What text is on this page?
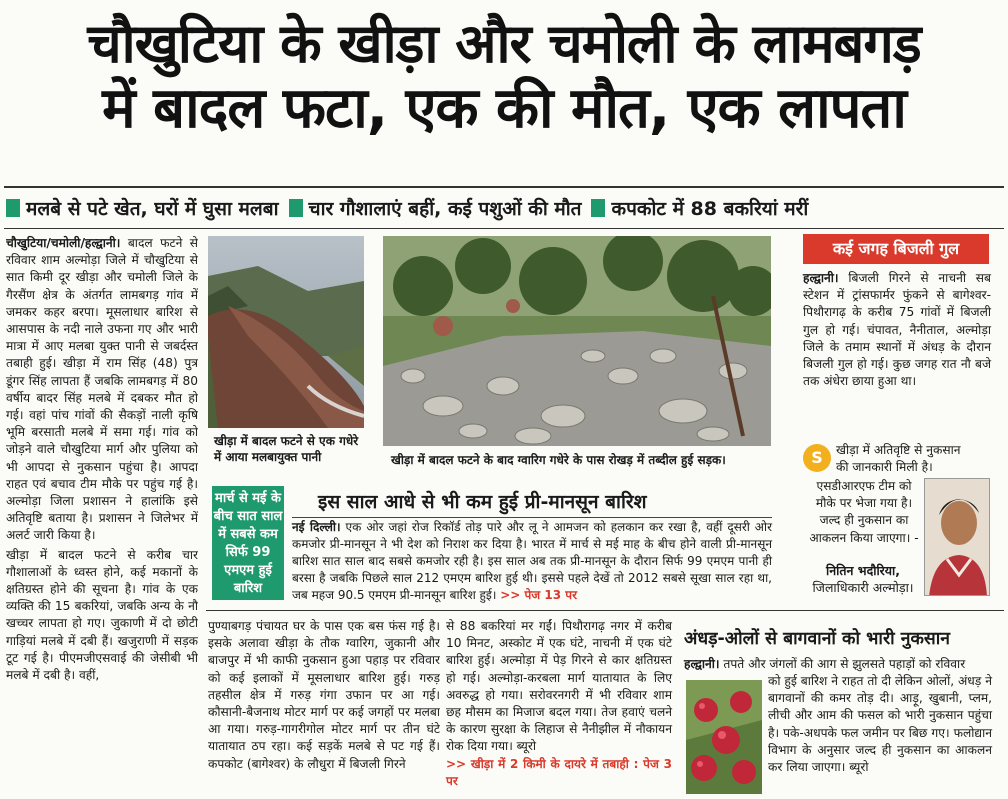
चौखुटिया के खीड़ा और चमोली के लामबगड़
में बादल फटा, एक की मौत, एक लापता
मलबे से पटे खेत, घरों में घुसा मलबा चार गौशालाएं बहीं, कई पशुओं की मौत कपकोट में 88 बकरियां मरीं
चौखुटिया/चमोली/हल्द्वानी। बादल फटने से रविवार शाम अल्मोड़ा जिले में चौखुटिया से सात किमी दूर खीड़ा और चमोली जिले के गैरसैंण क्षेत्र के अंतर्गत लामबगड़ गांव में जमकर कहर बरपा। मूसलाधार बारिश से आसपास के नदी नाले उफना गए और भारी मात्रा में आए मलबा युक्त पानी से जबर्दस्त तबाही हुई। खीड़ा में राम सिंह (48) पुत्र डूंगर सिंह लापता हैं जबकि लामबगड़ में 80 वर्षीय बादर सिंह मलबे में दबकर मौत हो गई। वहां पांच गांवों की सैकड़ों नाली कृषि भूमि बरसाती मलबे में समा गई। गांव को जोड़ने वाले चौखुटिया मार्ग और पुलिया को भी आपदा से नुकसान पहुंचा है। आपदा राहत एवं बचाव टीम मौके पर पहुंच गई है। अल्मोड़ा जिला प्रशासन ने हालांकि इसे अतिवृष्टि बताया है। प्रशासन ने जिलेभर में अलर्ट जारी किया है।
खीड़ा में बादल फटने से करीब चार गौशालाओं के ध्वस्त होने, कई मकानों के क्षतिग्रस्त होने की सूचना है। गांव के एक व्यक्ति की 15 बकरियां, जबकि अन्य के नौ खच्चर लापता हो गए। जुकाणी में दो छोटी गाड़ियां मलबे में दबी हैं। खजुराणी में सड़क टूट गई है। पीएमजीएसवाई की जेसीबी भी मलबे में दबी है। वहीं,
खीड़ा में बादल फटने से एक गधेरे में आया मलबायुक्त पानी	खीड़ा में बादल फटने के बाद ग्वारिग गधेरे के पास रोखड़ में तब्दील हुई सड़क।
कई जगह बिजली गुल
हल्द्वानी। बिजली गिरने से नाचनी सब स्टेशन में ट्रांसफार्मर फुंकने से बागेश्वर-पिथौरागढ़ के करीब 75 गांवों में बिजली गुल हो गई। चंपावत, नैनीताल, अल्मोड़ा जिले के तमाम स्थानों में अंधड़ के दौरान बिजली गुल हो गई। कुछ जगह रात नौ बजे तक अंधेरा छाया हुआ था।
S	खीड़ा में अतिवृष्टि से नुकसान की जानकारी मिली है।
एसडीआरएफ टीम को मौके पर भेजा गया है। जल्द ही नुकसान का आकलन किया जाएगा। -
नितिन भदौरिया,
जिलाधिकारी अल्मोड़ा।
मार्च से मई के बीच सात साल में सबसे कम सिर्फ 99 एमएम हुई बारिश
इस साल आधे से भी कम हुई प्री-मानसून बारिश
नई दिल्ली। एक ओर जहां रोज रिकॉर्ड तोड़ पारे और लू ने आमजन को हलकान कर रखा है, वहीं दूसरी ओर कमजोर प्री-मानसून ने भी देश को निराश कर दिया है। भारत में मार्च से मई माह के बीच होने वाली प्री-मानसून बारिश सात साल बाद सबसे कमजोर रही है। इस साल अब तक प्री-मानसून के दौरान सिर्फ 99 एमएम पानी ही बरसा है जबकि पिछले साल 212 एमएम बारिश हुई थी। इससे पहले देखें तो 2012 सबसे सूखा साल रहा था, जब महज 90.5 एमएम प्री-मानसून बारिश हुई। >> पेज 13 पर
पुण्याबगड़ पंचायत घर के पास एक बस फंस गई है। इसके अलावा खीड़ा के तौक ग्वारिग, जुकानी और बाजपुर में भी काफी नुकसान हुआ पहाड़ पर रविवार को कई इलाकों में मूसलाधार बारिश हुई। गरुड़ तहसील क्षेत्र में गरुड़ गंगा उफान पर आ गई। कौसानी-बैजनाथ मोटर मार्ग पर कई जगहों पर मलबा आ गया। गरुड़-गागरीगोल मोटर मार्ग पर तीन घंटे यातायात ठप रहा। कई सड़कें मलबे से पट गई हैं। कपकोट (बागेश्वर) के लौधुरा में बिजली गिरने
से 88 बकरियां मर गईं। पिथौरागढ़ नगर में करीब 10 मिनट, अस्कोट में एक घंटे, नाचनी में एक घंटे बारिश हुई। अल्मोड़ा में पेड़ गिरने से कार क्षतिग्रस्त हो गई। अल्मोड़ा-करबला मार्ग यातायात के लिए अवरुद्ध हो गया। सरोवरनगरी में भी रविवार शाम छह मौसम का मिजाज बदल गया। तेज हवाएं चलने के कारण सुरक्षा के लिहाज से नैनीझील में नौकायन रोक दिया गया। ब्यूरो
>> खीड़ा में 2 किमी के दायरे में तबाही : पेज 3 पर
अंधड़-ओलों से बागवानों को भारी नुकसान
हल्द्वानी। तपते और जंगलों की आग से झुलसते पहाड़ों को रविवार
को हुई बारिश ने राहत तो दी लेकिन ओलों, अंधड़ ने बागवानों की कमर तोड़ दी। आड़ू, खुबानी, प्लम, लीची और आम की फसल को भारी नुकसान पहुंचा है। पके-अधपके फल जमीन पर बिछ गए। फलोद्यान विभाग के अनुसार जल्द ही नुकसान का आकलन कर लिया जाएगा। ब्यूरो
